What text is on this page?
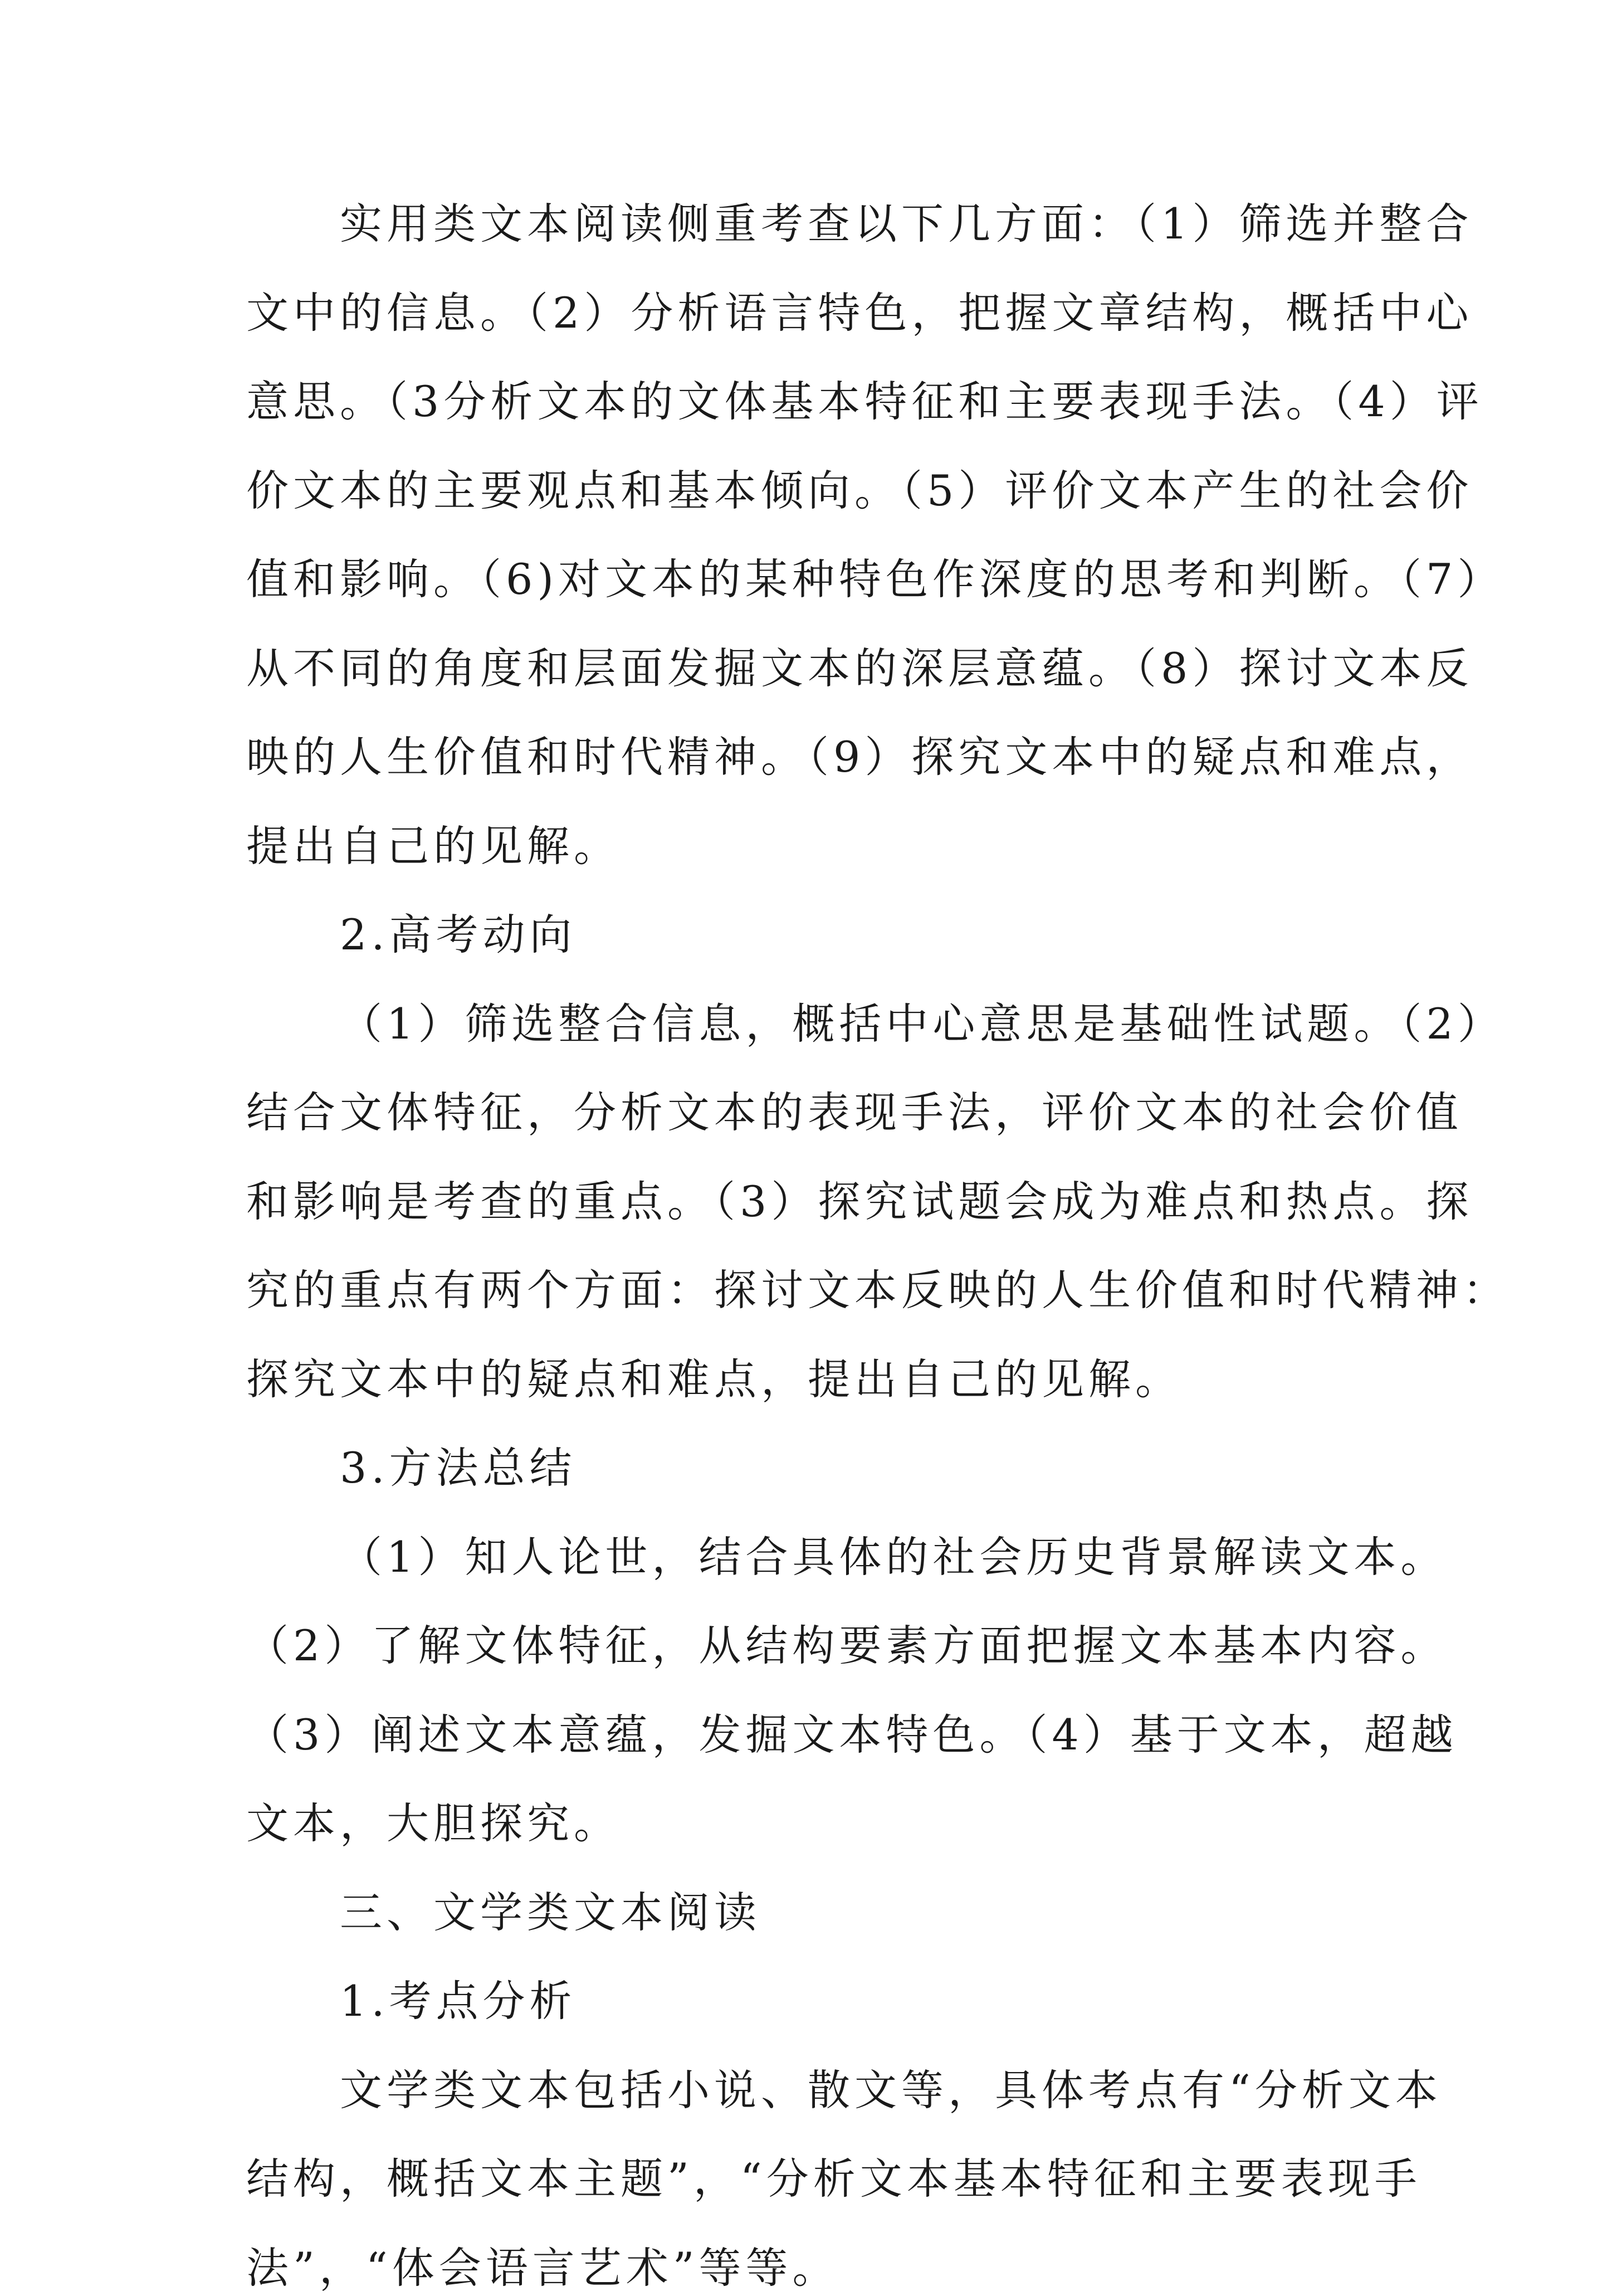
实用类文本阅读侧重考查以下几方面：（1）筛选并整合
文中的信息。（2）分析语言特色，把握文章结构，概括中心
意思。（3分析文本的文体基本特征和主要表现手法。（4）评
价文本的主要观点和基本倾向。（5）评价文本产生的社会价
值和影响。（6)对文本的某种特色作深度的思考和判断。（7）
从不同的角度和层面发掘文本的深层意蕴。（8）探讨文本反
映的人生价值和时代精神。（9）探究文本中的疑点和难点，
提出自己的见解。
2.高考动向
（1）筛选整合信息，概括中心意思是基础性试题。（2）
结合文体特征，分析文本的表现手法，评价文本的社会价值
和影响是考查的重点。（3）探究试题会成为难点和热点。探
究的重点有两个方面：探讨文本反映的人生价值和时代精神：
探究文本中的疑点和难点，提出自己的见解。
3.方法总结
（1）知人论世，结合具体的社会历史背景解读文本。
（2）了解文体特征，从结构要素方面把握文本基本内容。
（3）阐述文本意蕴，发掘文本特色。（4）基于文本，超越
文本，大胆探究。
三、文学类文本阅读
1.考点分析
文学类文本包括小说、散文等，具体考点有“分析文本
结构，概括文本主题”，“分析文本基本特征和主要表现手
法”，“体会语言艺术”等等。
